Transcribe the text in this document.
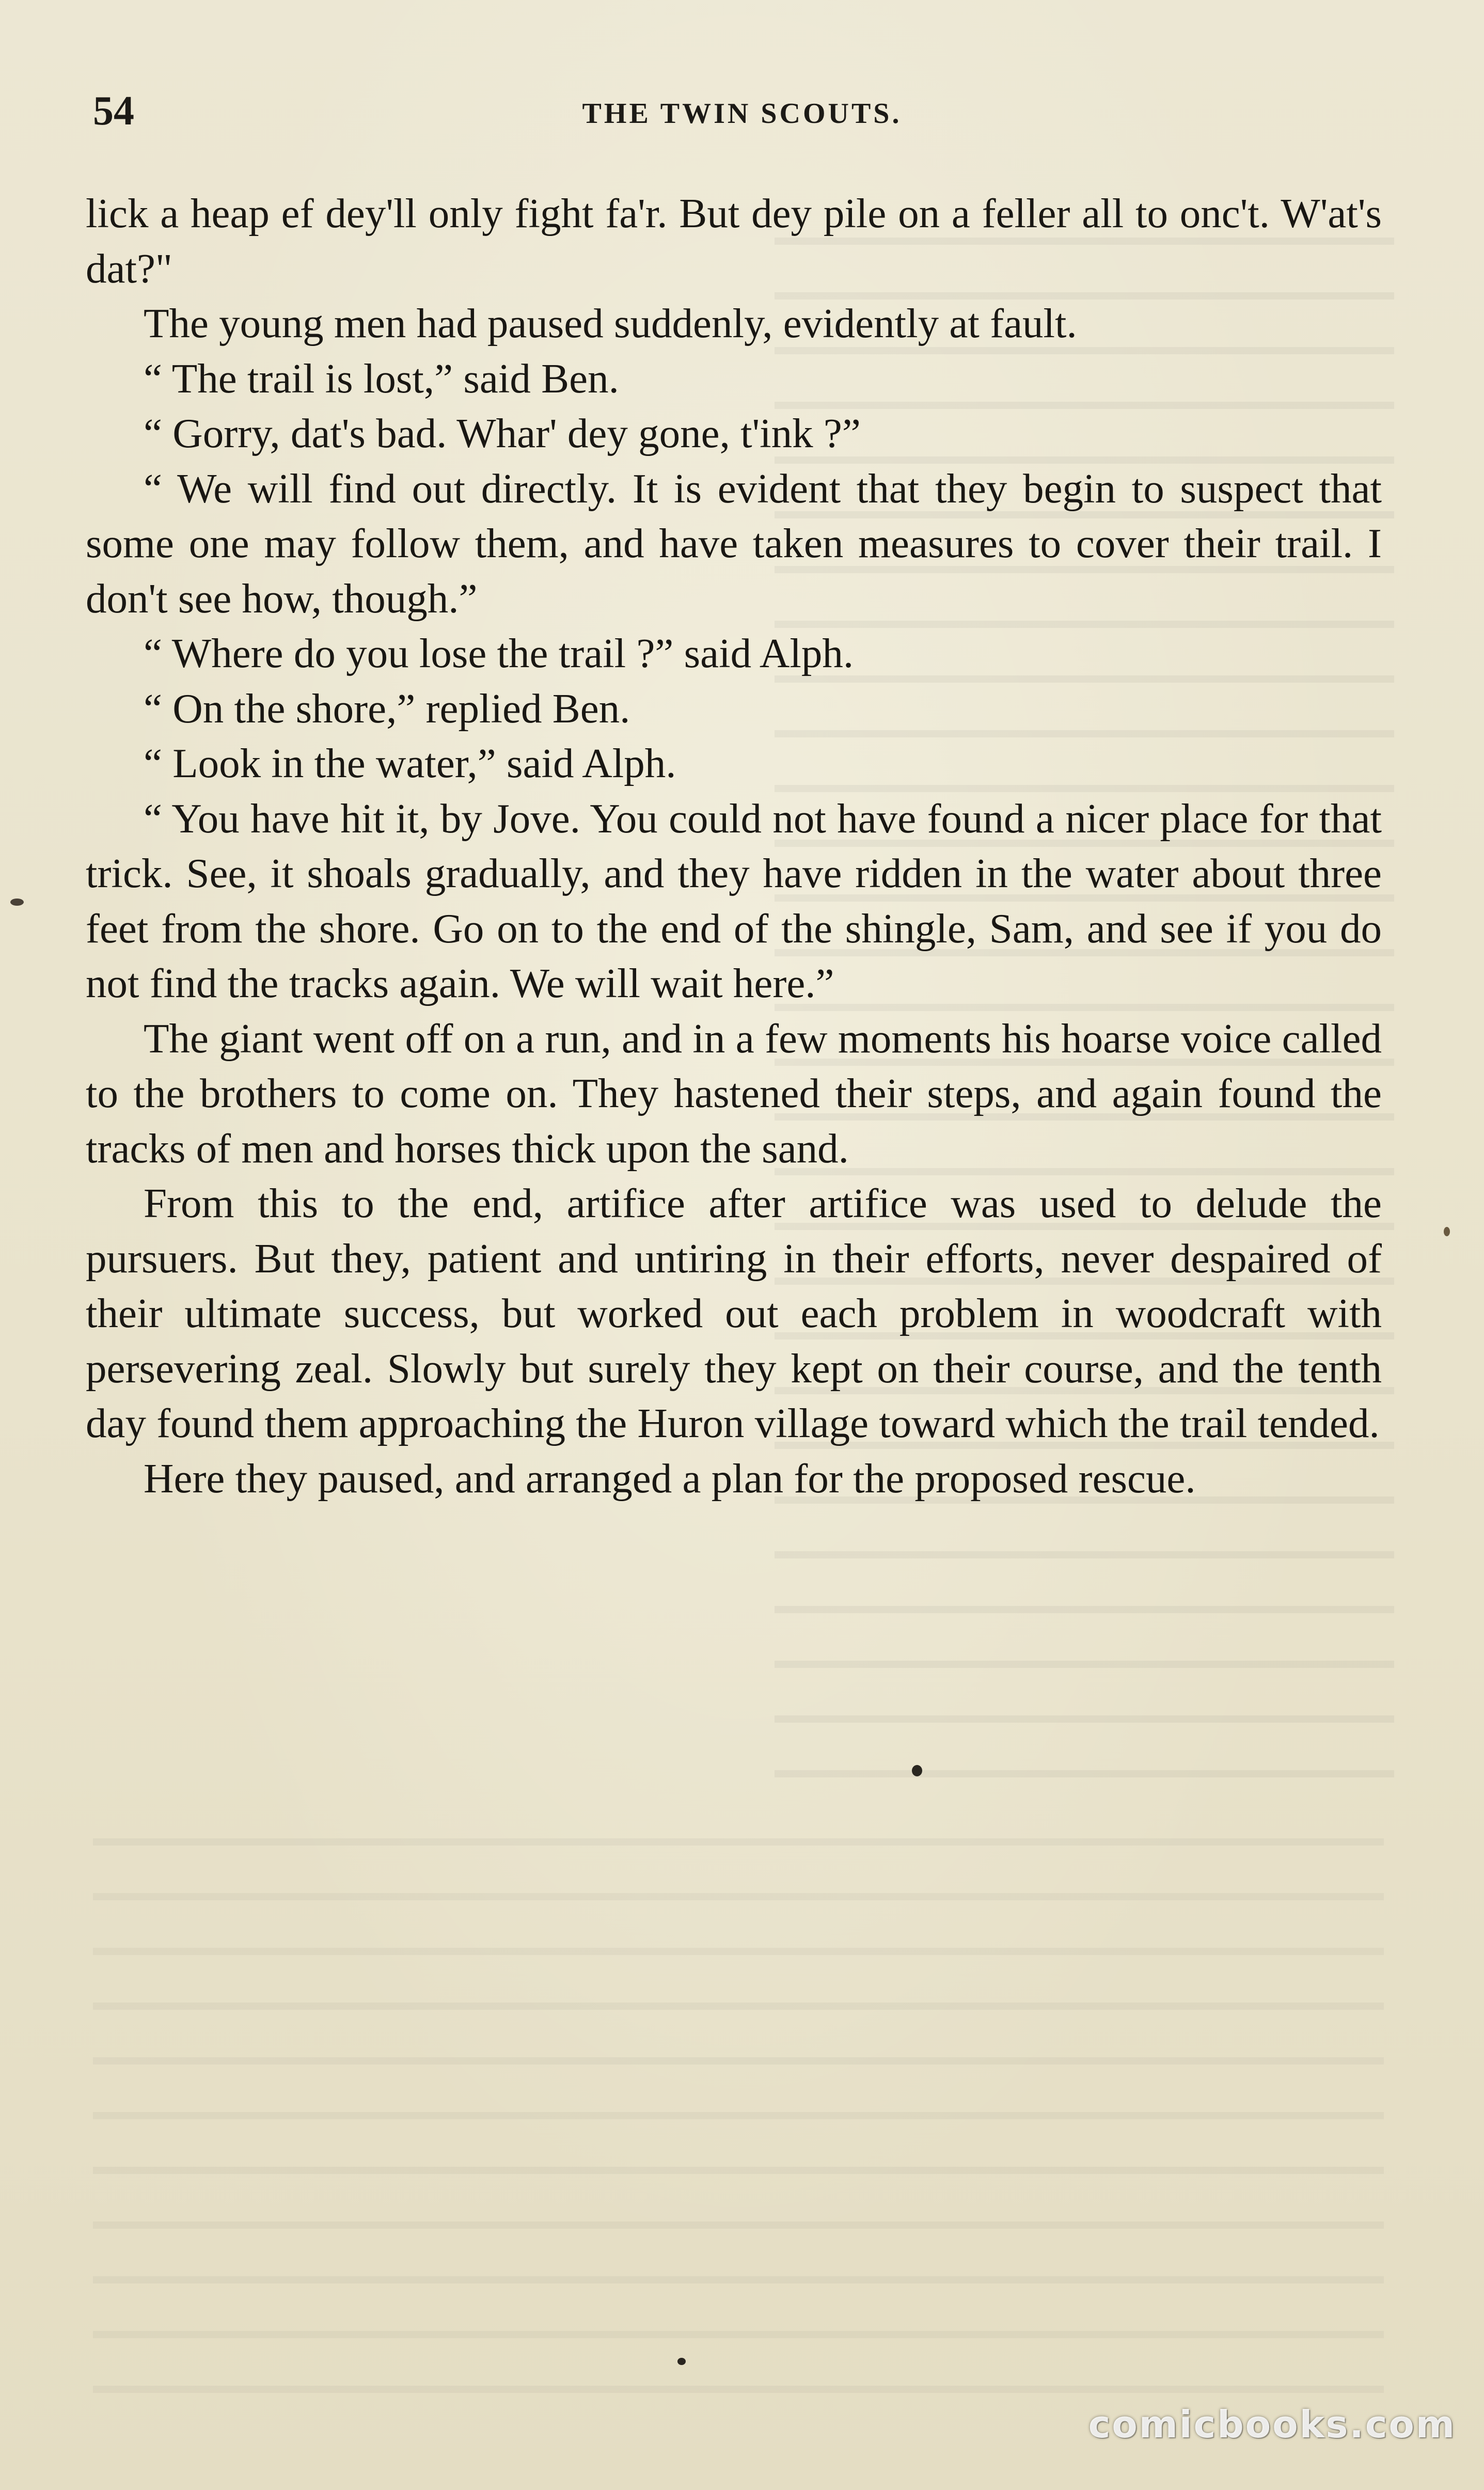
54	THE TWIN SCOUTS.

lick a heap ef dey'll only fight fa'r. But dey pile on a feller all to onc't. W'at's dat?"

The young men had paused suddenly, evidently at fault.

“ The trail is lost,” said Ben.

“ Gorry, dat's bad. Whar' dey gone, t'ink ?”

“ We will find out directly. It is evident that they begin to suspect that some one may follow them, and have taken measures to cover their trail. I don't see how, though.”

“ Where do you lose the trail ?” said Alph.

“ On the shore,” replied Ben.

“ Look in the water,” said Alph.

“ You have hit it, by Jove. You could not have found a nicer place for that trick. See, it shoals gradually, and they have ridden in the water about three feet from the shore. Go on to the end of the shingle, Sam, and see if you do not find the tracks again. We will wait here.”

The giant went off on a run, and in a few moments his hoarse voice called to the brothers to come on. They hastened their steps, and again found the tracks of men and horses thick upon the sand.

From this to the end, artifice after artifice was used to delude the pursuers. But they, patient and untiring in their efforts, never despaired of their ultimate success, but worked out each problem in woodcraft with persevering zeal. Slowly but surely they kept on their course, and the tenth day found them approaching the Huron village toward which the trail tended.

Here they paused, and arranged a plan for the proposed rescue.

comicbooks.com
